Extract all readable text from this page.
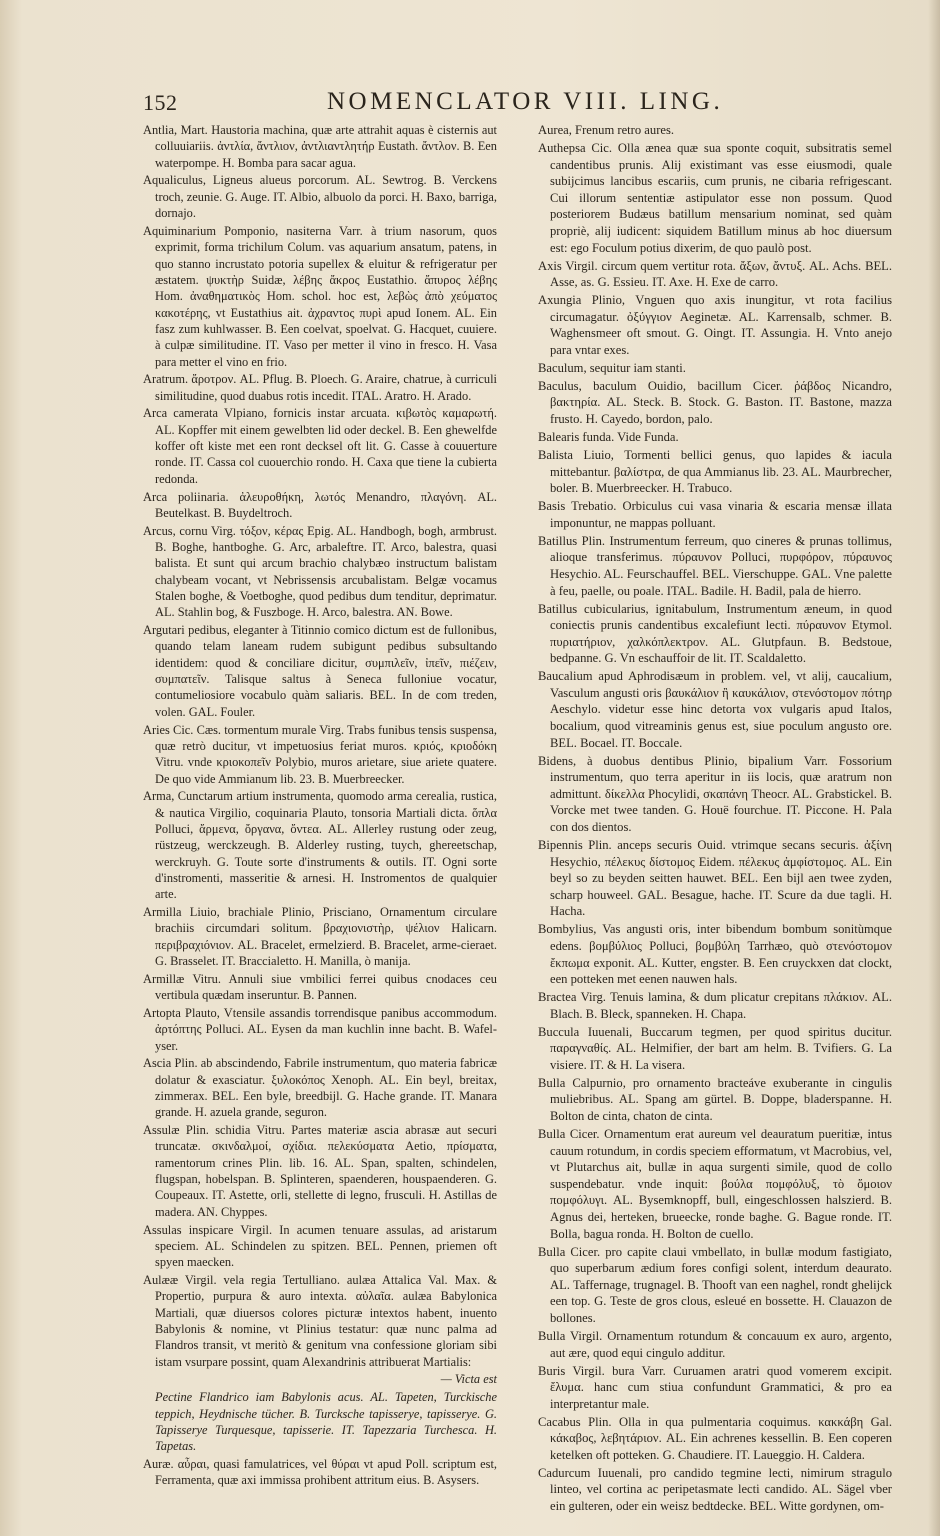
152	NOMENCLATOR VIII. LING.

Antlia, Mart. Haustoria machina, quæ arte attrahit aquas è cisternis aut colluuiariis. ἀντλία, ἄντλιον, ἀντλιαντλητήρ Eustath. ἄντλον. B. Een waterpompe. H. Bomba para sacar agua.

Aqualiculus, Ligneus alueus porcorum. AL. Sewtrog. B. Verckens troch, zeunie. G. Auge. IT. Albio, albuolo da porci. H. Baxo, barriga, dornajo.

Aquiminarium Pomponio, nasiterna Varr. à trium nasorum, quos exprimit, forma trichilum Colum. vas aquarium ansatum, patens, in quo stanno incrustato potoria supellex & eluitur & refrigeratur per æstatem. ψυκτὴρ Suidæ, λέβης ἄκρος Eustathio. ἄπυρος λέβης Hom. ἀναθηματικὸς Hom. schol. hoc est, λεβὼς ἀπὸ χεύματος κακοτέρης, vt Eustathius ait. ἀχραντος πυρὶ apud Ionem. AL. Ein fasz zum kuhlwasser. B. Een coelvat, spoelvat. G. Hacquet, cuuiere. à culpæ similitudine. IT. Vaso per metter il vino in fresco. H. Vasa para metter el vino en frio.

Aratrum. ἄροτρον. AL. Pflug. B. Ploech. G. Araire, chatrue, à curriculi similitudine, quod duabus rotis incedit. ITAL. Aratro. H. Arado.

Arca camerata Vlpiano, fornicis instar arcuata. κιβωτὸς καμαρωτή. AL. Kopffer mit einem gewelbten lid oder deckel. B. Een ghewelfde koffer oft kiste met een ront decksel oft lit. G. Casse à couuerture ronde. IT. Cassa col cuouerchio rondo. H. Caxa que tiene la cubierta redonda.

Arca poliinaria. ἀλευροθήκη, λωτός Menandro, πλαγόνη. AL. Beutelkast. B. Buydeltroch.

Arcus, cornu Virg. τόξον, κέρας Epig. AL. Handbogh, bogh, armbrust. B. Boghe, hantboghe. G. Arc, arbaleftre. IT. Arco, balestra, quasi balista. Et sunt qui arcum brachio chalybæo instructum balistam chalybeam vocant, vt Nebrissensis arcubalistam. Belgæ vocamus Stalen boghe, & Voetboghe, quod pedibus dum tenditur, deprimatur. AL. Stahlin bog, & Fuszboge. H. Arco, balestra. AN. Bowe.

Argutari pedibus, eleganter à Titinnio comico dictum est de fullonibus, quando telam laneam rudem subigunt pedibus subsultando identidem: quod & conciliare dicitur, συμπιλεῖν, ἰπεῖν, πιέζειν, συμπατεῖν. Talisque saltus à Seneca fulloniue vocatur, contumeliosiore vocabulo quàm saliaris. BEL. In de com treden, volen. GAL. Fouler.

Aries Cic. Cæs. tormentum murale Virg. Trabs funibus tensis suspensa, quæ retrò ducitur, vt impetuosius feriat muros. κριός, κριοδόκη Vitru. vnde κριοκοπεῖν Polybio, muros arietare, siue ariete quatere. De quo vide Ammianum lib. 23. B. Muerbreecker.

Arma, Cunctarum artium instrumenta, quomodo arma cerealia, rustica, & nautica Virgilio, coquinaria Plauto, tonsoria Martiali dicta. ὅπλα Polluci, ἄρμενα, ὄργανα, ὄντεα. AL. Allerley rustung oder zeug, rüstzeug, werckzeugh. B. Alderley rusting, tuych, ghereetschap, werckruyh. G. Toute sorte d'instruments & outils. IT. Ogni sorte d'instromenti, masseritie & arnesi. H. Instromentos de qualquier arte.

Armilla Liuio, brachiale Plinio, Prisciano, Ornamentum circulare brachiis circumdari solitum. βραχιονιστὴρ, ψέλιον Halicarn. περιβραχιόνιον. AL. Bracelet, ermelzierd. B. Bracelet, arme-cieraet. G. Brasselet. IT. Braccialetto. H. Manilla, ò manija.

Armillæ Vitru. Annuli siue vmbilici ferrei quibus cnodaces ceu vertibula quædam inseruntur. B. Pannen.

Artopta Plauto, Vtensile assandis torrendisque panibus accommodum. ἀρτόπτης Polluci. AL. Eysen da man kuchlin inne bacht. B. Wafel-yser.

Ascia Plin. ab abscindendo, Fabrile instrumentum, quo materia fabricæ dolatur & exasciatur. ξυλοκόπος Xenoph. AL. Ein beyl, breitax, zimmerax. BEL. Een byle, breedbijl. G. Hache grande. IT. Manara grande. H. azuela grande, seguron.

Assulæ Plin. schidia Vitru. Partes materiæ ascia abrasæ aut securi truncatæ. σκινδαλμοί, σχίδια. πελεκύσματα Aetio, πρίσματα, ramentorum crines Plin. lib. 16. AL. Span, spalten, schindelen, flugspan, hobelspan. B. Splinteren, spaenderen, houspaenderen. G. Coupeaux. IT. Astette, orli, stellette di legno, frusculi. H. Astillas de madera. AN. Chyppes.

Assulas inspicare Virgil. In acumen tenuare assulas, ad aristarum speciem. AL. Schindelen zu spitzen. BEL. Pennen, priemen oft spyen maecken.

Aulææ Virgil. vela regia Tertulliano. aulæa Attalica Val. Max. & Propertio, purpura & auro intexta. αὐλαῖα. aulæa Babylonica Martiali, quæ diuersos colores picturæ intextos habent, inuento Babylonis & nomine, vt Plinius testatur: quæ nunc palma ad Flandros transit, vt meritò & genitum vna confessione gloriam sibi istam vsurpare possint, quam Alexandrinis attribuerat Martialis:

— Victa est

Pectine Flandrico iam Babylonis acus. AL. Tapeten, Turckische teppich, Heydnische tücher. B. Turcksche tapisserye, tapisserye. G. Tapisserye Turquesque, tapisserie. IT. Tapezzaria Turchesca. H. Tapetas.

Auræ. αὖραι, quasi famulatrices, vel θύραι vt apud Poll. scriptum est, Ferramenta, quæ axi immissa prohibent attritum eius. B. Asysers.

Aurea, Frenum retro aures.

Authepsa Cic. Olla ænea quæ sua sponte coquit, subsitratis semel candentibus prunis. Alij existimant vas esse eiusmodi, quale subijcimus lancibus escariis, cum prunis, ne cibaria refrigescant. Cui illorum sententiæ astipulator esse non possum. Quod posteriorem Budæus batillum mensarium nominat, sed quàm propriè, alij iudicent: siquidem Batillum minus ab hoc diuersum est: ego Foculum potius dixerim, de quo paulò post.

Axis Virgil. circum quem vertitur rota. ἄξων, ἄντυξ. AL. Achs. BEL. Asse, as. G. Essieu. IT. Axe. H. Exe de carro.

Axungia Plinio, Vnguen quo axis inungitur, vt rota facilius circumagatur. ὀξύγγιον Aeginetæ. AL. Karrensalb, schmer. B. Waghensmeer oft smout. G. Oingt. IT. Assungia. H. Vnto anejo para vntar exes.

Baculum, sequitur iam stanti.

Baculus, baculum Ouidio, bacillum Cicer. ῥάβδος Nicandro, βακτηρία. AL. Steck. B. Stock. G. Baston. IT. Bastone, mazza frusto. H. Cayedo, bordon, palo.

Balearis funda. Vide Funda.

Balista Liuio, Tormenti bellici genus, quo lapides & iacula mittebantur. βαλίστρα, de qua Ammianus lib. 23. AL. Maurbrecher, boler. B. Muerbreecker. H. Trabuco.

Basis Trebatio. Orbiculus cui vasa vinaria & escaria mensæ illata imponuntur, ne mappas polluant.

Batillus Plin. Instrumentum ferreum, quo cineres & prunas tollimus, alioque transferimus. πύραυνον Polluci, πυρφόρον, πύραυνος Hesychio. AL. Feurschauffel. BEL. Vierschuppe. GAL. Vne palette à feu, paelle, ou poale. ITAL. Badile. H. Badil, pala de hierro.

Batillus cubicularius, ignitabulum, Instrumentum æneum, in quod coniectis prunis candentibus excalefiunt lecti. πύραυνον Etymol. πυριατήριον, χαλκόπλεκτρον. AL. Glutpfaun. B. Bedstoue, bedpanne. G. Vn eschauffoir de lit. IT. Scaldaletto.

Baucalium apud Aphrodisæum in problem. vel, vt alij, caucalium, Vasculum angusti oris βαυκάλιον ἢ καυκάλιον, στενόστομον πότηρ Aeschylo. videtur esse hinc detorta vox vulgaris apud Italos, bocalium, quod vitreaminis genus est, siue poculum angusto ore. BEL. Bocael. IT. Boccale.

Bidens, à duobus dentibus Plinio, bipalium Varr. Fossorium instrumentum, quo terra aperitur in iis locis, quæ aratrum non admittunt. δίκελλα Phocylidi, σκαπάνη Theocr. AL. Grabstickel. B. Vorcke met twee tanden. G. Houë fourchue. IT. Piccone. H. Pala con dos dientos.

Bipennis Plin. anceps securis Ouid. vtrimque secans securis. ἀξίνη Hesychio, πέλεκυς δίστομος Eidem. πέλεκυς ἀμφίστομος. AL. Ein beyl so zu beyden seitten hauwet. BEL. Een bijl aen twee zyden, scharp houweel. GAL. Besague, hache. IT. Scure da due tagli. H. Hacha.

Bombylius, Vas angusti oris, inter bibendum bombum sonitùmque edens. βομβύλιος Polluci, βομβύλη Tarrhæo, quò στενόστομον ἔκπωμα exponit. AL. Kutter, engster. B. Een cruyckxen dat clockt, een potteken met eenen nauwen hals.

Bractea Virg. Tenuis lamina, & dum plicatur crepitans πλάκιον. AL. Blach. B. Bleck, spanneken. H. Chapa.

Buccula Iuuenali, Buccarum tegmen, per quod spiritus ducitur. παραγναθίς. AL. Helmifier, der bart am helm. B. Tvifiers. G. La visiere. IT. & H. La visera.

Bulla Calpurnio, pro ornamento bracteáve exuberante in cingulis muliebribus. AL. Spang am gürtel. B. Doppe, bladerspanne. H. Bolton de cinta, chaton de cinta.

Bulla Cicer. Ornamentum erat aureum vel deauratum pueritiæ, intus cauum rotundum, in cordis speciem efformatum, vt Macrobius, vel, vt Plutarchus ait, bullæ in aqua surgenti simile, quod de collo suspendebatur. vnde inquit: βούλα πομφόλυξ, τὸ ὅμοιον πομφόλυγι. AL. Bysemknopff, bull, eingeschlossen halszierd. B. Agnus dei, herteken, brueecke, ronde baghe. G. Bague ronde. IT. Bolla, bagua ronda. H. Bolton de cuello.

Bulla Cicer. pro capite claui vmbellato, in bullæ modum fastigiato, quo superbarum ædium fores configi solent, interdum deaurato. AL. Taffernage, trugnagel. B. Thooft van een naghel, rondt ghelijck een top. G. Teste de gros clous, esleué en bossette. H. Clauazon de bollones.

Bulla Virgil. Ornamentum rotundum & concauum ex auro, argento, aut ære, quod equi cingulo additur.

Buris Virgil. bura Varr. Curuamen aratri quod vomerem excipit. ἔλυμα. hanc cum stiua confundunt Grammatici, & pro ea interpretantur male.

Cacabus Plin. Olla in qua pulmentaria coquimus. κακκάβη Gal. κάκαβος, λεβητάριον. AL. Ein achrenes kessellin. B. Een coperen ketelken oft potteken. G. Chaudiere. IT. Laueggio. H. Caldera.

Cadurcum Iuuenali, pro candido tegmine lecti, nimirum stragulo linteo, vel cortina ac peripetasmate lecti candido. AL. Sägel vber ein gulteren, oder ein weisz bedtdecke. BEL. Witte gordynen, om-
